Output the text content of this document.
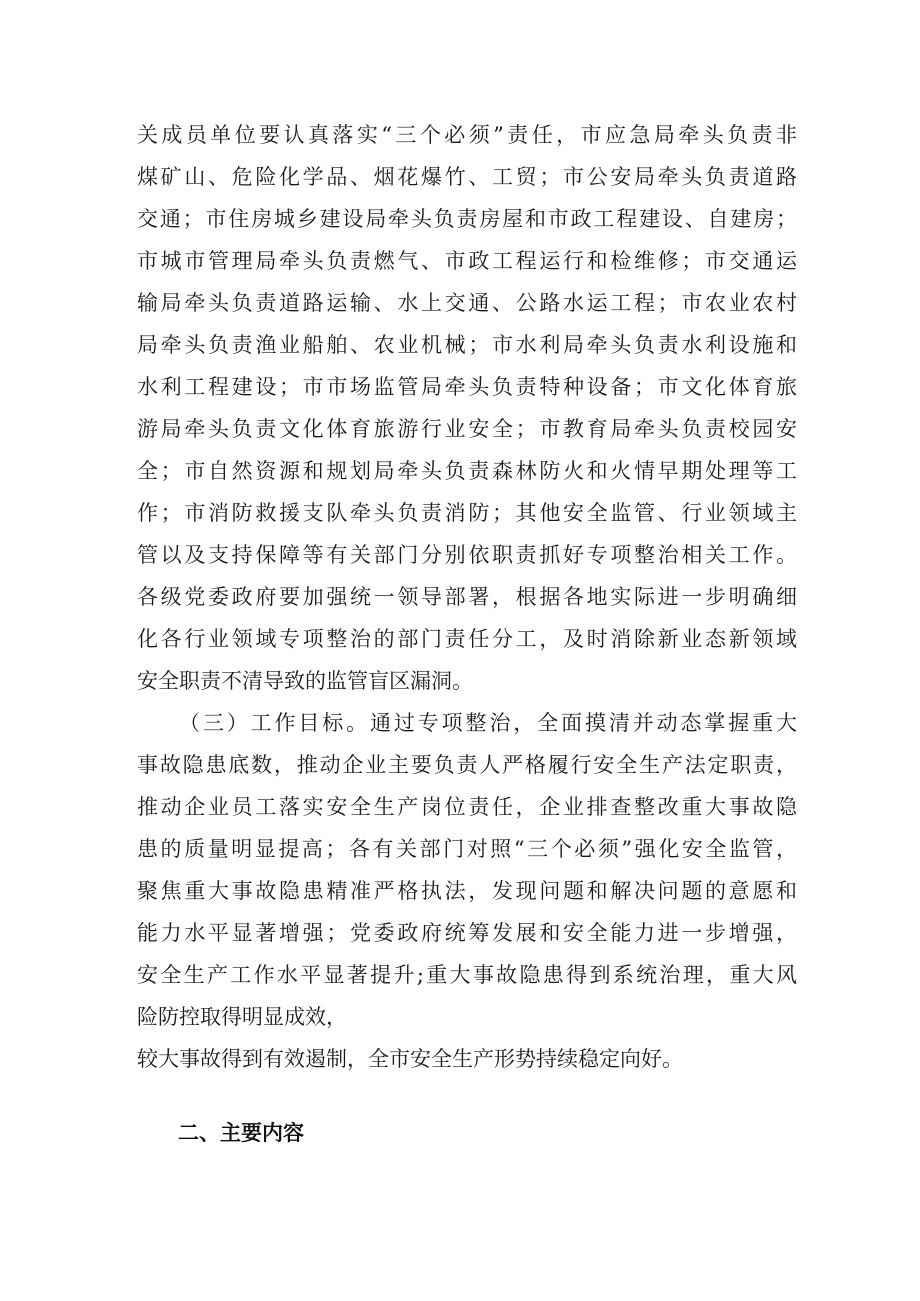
关成员单位要认真落实“三个必须”责任，市应急局牵头负责非
煤矿山、危险化学品、烟花爆竹、工贸；市公安局牵头负责道路
交通；市住房城乡建设局牵头负责房屋和市政工程建设、自建房；
市城市管理局牵头负责燃气、市政工程运行和检维修；市交通运
输局牵头负责道路运输、水上交通、公路水运工程；市农业农村
局牵头负责渔业船舶、农业机械；市水利局牵头负责水利设施和
水利工程建设；市市场监管局牵头负责特种设备；市文化体育旅
游局牵头负责文化体育旅游行业安全；市教育局牵头负责校园安
全；市自然资源和规划局牵头负责森林防火和火情早期处理等工
作；市消防救援支队牵头负责消防；其他安全监管、行业领域主
管以及支持保障等有关部门分别依职责抓好专项整治相关工作。
各级党委政府要加强统一领导部署，根据各地实际进一步明确细
化各行业领域专项整治的部门责任分工，及时消除新业态新领域
安全职责不清导致的监管盲区漏洞。
（三）工作目标。通过专项整治，全面摸清并动态掌握重大
事故隐患底数，推动企业主要负责人严格履行安全生产法定职责，
推动企业员工落实安全生产岗位责任，企业排查整改重大事故隐
患的质量明显提高；各有关部门对照“三个必须”强化安全监管，
聚焦重大事故隐患精准严格执法，发现问题和解决问题的意愿和
能力水平显著增强；党委政府统筹发展和安全能力进一步增强，
安全生产工作水平显著提升;重大事故隐患得到系统治理，重大风
险防控取得明显成效，
较大事故得到有效遏制，全市安全生产形势持续稳定向好。
二、主要内容
